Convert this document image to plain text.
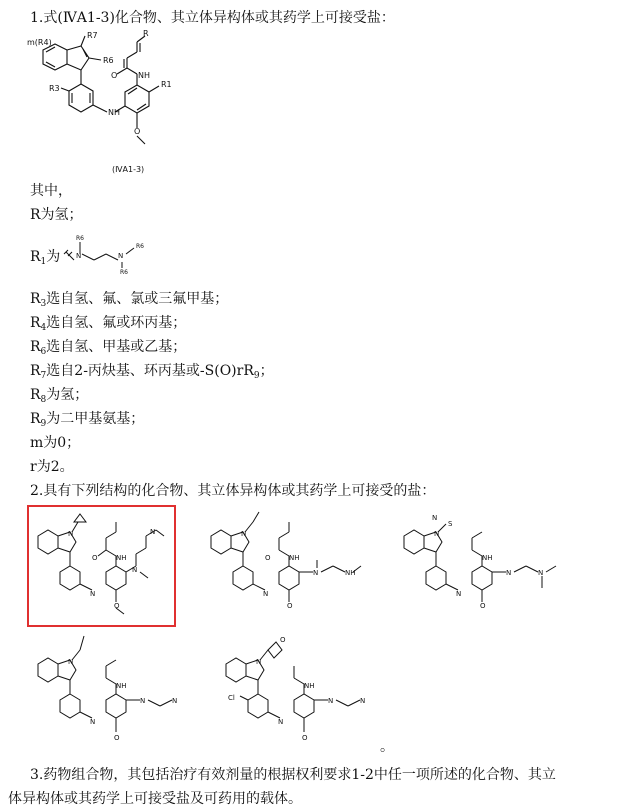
1.式(ⅣA1-3)化合物、其立体异构体或其药学上可接受盐：
m(R4)
R7
R6
R3	R1
R
NH
O
NH
O
(ⅣA1-3)
其中，
R为氢；
$R_1$为
R6
N	N
R6
R6
$R_3$选自氢、氟、氯或三氟甲基；
$R_4$选自氢、氟或环丙基；
$R_6$选自氢、甲基或乙基；
$R_7$选自2-丙炔基、环丙基或$-S(O)rR_9$；
$R_8$为氢；
$R_9$为二甲基氨基；
m为0；
r为2。
2.具有下列结构的化合物、其立体异构体或其药学上可接受的盐：
N
NH
O
N
N
N
O
N
NH
O
N
N	NH
O
N
S
N
NH
N
N	N
O
N
NH
N
N	N
O
O
N
Cl
NH
N
N	N
O
。
3.药物组合物，其包括治疗有效剂量的根据权利要求1-2中任一项所述的化合物、其立
体异构体或其药学上可接受盐及可药用的载体。
